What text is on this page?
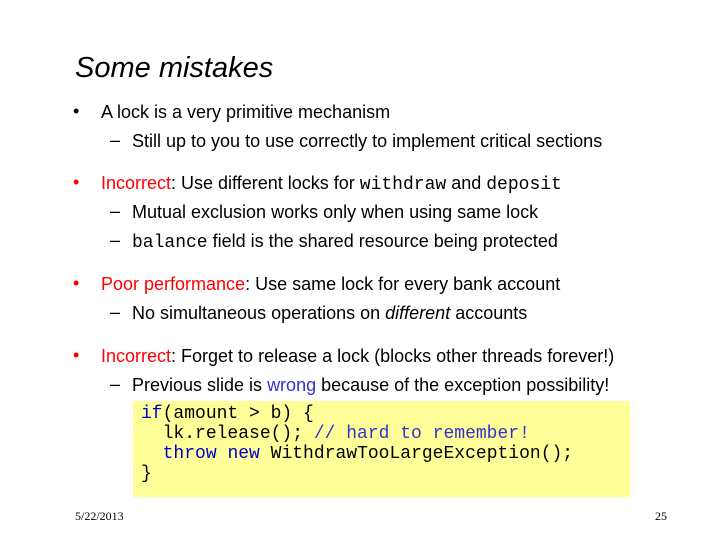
Some mistakes
• A lock is a very primitive mechanism
– Still up to you to use correctly to implement critical sections
• Incorrect: Use different locks for withdraw and deposit
– Mutual exclusion works only when using same lock
– balance field is the shared resource being protected
• Poor performance: Use same lock for every bank account
– No simultaneous operations on different accounts
• Incorrect: Forget to release a lock (blocks other threads forever!)
– Previous slide is wrong because of the exception possibility!
if(amount > b) {
lk.release(); // hard to remember!
throw new WithdrawTooLargeException();
}
5/22/2013	25
